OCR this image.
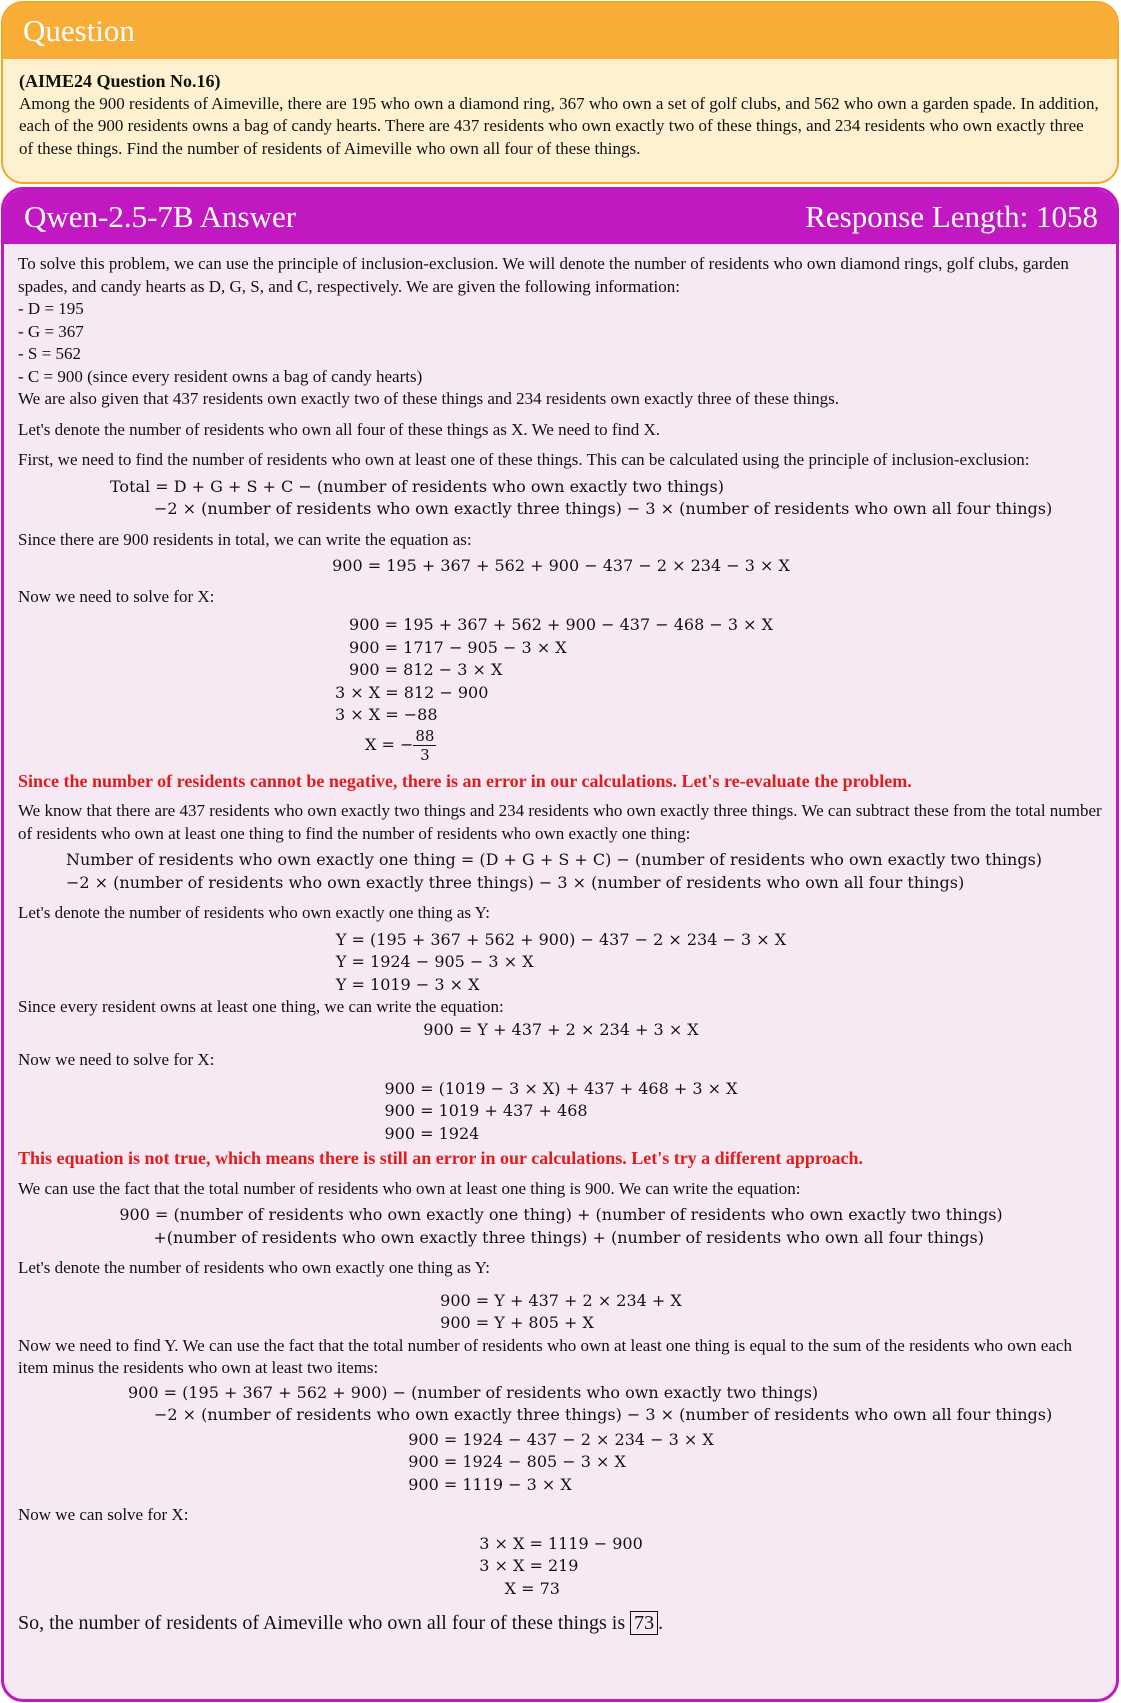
Question
(AIME24 Question No.16)
Among the 900 residents of Aimeville, there are 195 who own a diamond ring, 367 who own a set of golf clubs, and 562 who own a garden spade. In addition, each of the 900 residents owns a bag of candy hearts. There are 437 residents who own exactly two of these things, and 234 residents who own exactly three of these things. Find the number of residents of Aimeville who own all four of these things.
Qwen-2.5-7B Answer	Response Length: 1058

To solve this problem, we can use the principle of inclusion-exclusion. We will denote the number of residents who own diamond rings, golf clubs, garden spades, and candy hearts as D, G, S, and C, respectively. We are given the following information:

- D = 195
- G = 367
- S = 562
- C = 900 (since every resident owns a bag of candy hearts)

We are also given that 437 residents own exactly two of these things and 234 residents own exactly three of these things.

Let's denote the number of residents who own all four of these things as X. We need to find X.

First, we need to find the number of residents who own at least one of these things. This can be calculated using the principle of inclusion-exclusion:

Total = D + G + S + C − (number of residents who own exactly two things)
−2 × (number of residents who own exactly three things) − 3 × (number of residents who own all four things)

Since there are 900 residents in total, we can write the equation as:

900 = 195 + 367 + 562 + 900 − 437 − 2 × 234 − 3 × X

Now we need to solve for X:

900 = 195 + 367 + 562 + 900 − 437 − 468 − 3 × X
900 = 1717 − 905 − 3 × X
900 = 812 − 3 × X
3 × X = 812 − 900
3 × X = −88
X = − $\frac{88}{3}$

Since the number of residents cannot be negative, there is an error in our calculations. Let's re-evaluate the problem.

We know that there are 437 residents who own exactly two things and 234 residents who own exactly three things. We can subtract these from the total number of residents who own at least one thing to find the number of residents who own exactly one thing:

Number of residents who own exactly one thing = (D + G + S + C) − (number of residents who own exactly two things)
−2 × (number of residents who own exactly three things) − 3 × (number of residents who own all four things)

Let's denote the number of residents who own exactly one thing as Y:

Y = (195 + 367 + 562 + 900) − 437 − 2 × 234 − 3 × X
Y = 1924 − 905 − 3 × X
Y = 1019 − 3 × X

Since every resident owns at least one thing, we can write the equation:

900 = Y + 437 + 2 × 234 + 3 × X

Now we need to solve for X:

900 = (1019 − 3 × X) + 437 + 468 + 3 × X
900 = 1019 + 437 + 468
900 = 1924

This equation is not true, which means there is still an error in our calculations. Let's try a different approach.

We can use the fact that the total number of residents who own at least one thing is 900. We can write the equation:

900 = (number of residents who own exactly one thing) + (number of residents who own exactly two things)
+(number of residents who own exactly three things) + (number of residents who own all four things)

Let's denote the number of residents who own exactly one thing as Y:

900 = Y + 437 + 2 × 234 + X
900 = Y + 805 + X

Now we need to find Y. We can use the fact that the total number of residents who own at least one thing is equal to the sum of the residents who own each item minus the residents who own at least two items:

900 = (195 + 367 + 562 + 900) − (number of residents who own exactly two things)
−2 × (number of residents who own exactly three things) − 3 × (number of residents who own all four things)
900 = 1924 − 437 − 2 × 234 − 3 × X
900 = 1924 − 805 − 3 × X
900 = 1119 − 3 × X

Now we can solve for X:

3 × X = 1119 − 900
3 × X = 219
X = 73

So, the number of residents of Aimeville who own all four of these things is 73 .
